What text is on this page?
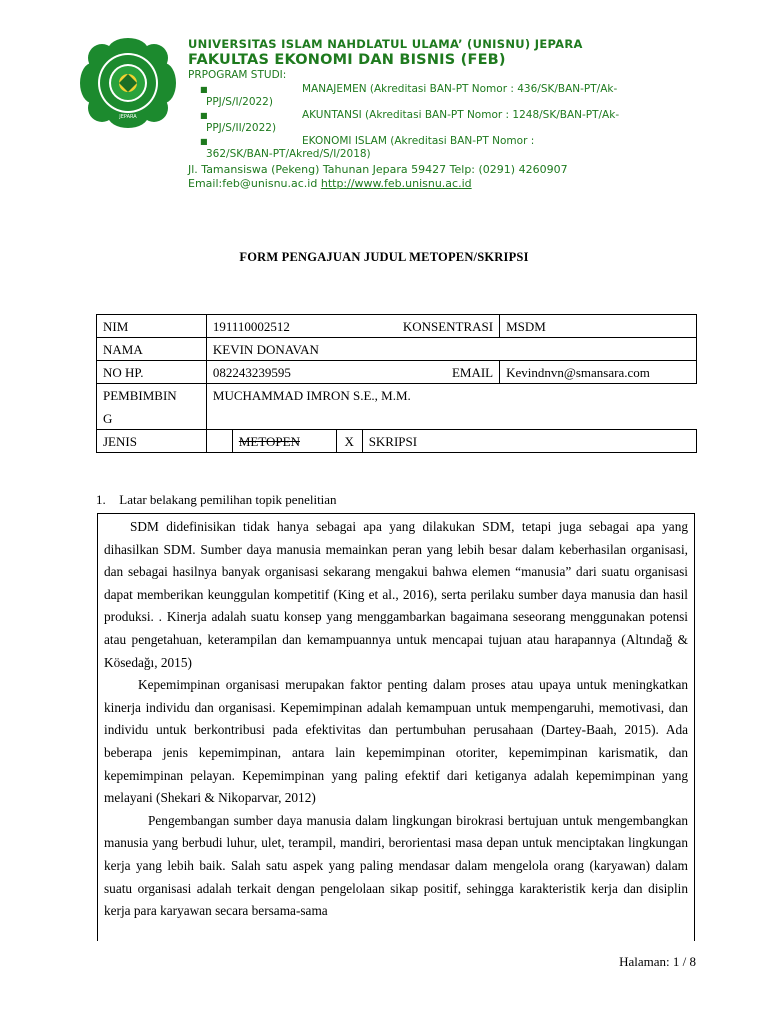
JEPARA
UNIVERSITAS ISLAM NAHDLATUL ULAMA’ (UNISNU) JEPARA
FAKULTAS EKONOMI DAN BISNIS (FEB)
PRPOGRAM STUDI:
■	MANAJEMEN (Akreditasi BAN-PT Nomor : 436/SK/BAN-PT/Ak-
PPJ/S/I/2022)
■	AKUNTANSI (Akreditasi BAN-PT Nomor : 1248/SK/BAN-PT/Ak-
PPJ/S/II/2022)
■	EKONOMI ISLAM (Akreditasi BAN-PT Nomor :
362/SK/BAN-PT/Akred/S/I/2018)
Jl. Tamansiswa (Pekeng) Tahunan Jepara 59427 Telp: (0291) 4260907
Email:feb@unisnu.ac.id http://www.feb.unisnu.ac.id
FORM PENGAJUAN JUDUL METOPEN/SKRIPSI
NIM	191110002512 KONSENTRASI				MSDM
NAMA	KEVIN DONAVAN				
NO HP.	082243239595 EMAIL				Kevindnvn@smansara.com

PEMBIMBIN
G	MUCHAMMAD IMRON S.E., M.M.				
JENIS		METOPEN	X	SKRIPSI	
1. Latar belakang pemilihan topik penelitian

SDM didefinisikan tidak hanya sebagai apa yang dilakukan SDM, tetapi juga sebagai apa yang dihasilkan SDM. Sumber daya manusia memainkan peran yang lebih besar dalam keberhasilan organisasi, dan sebagai hasilnya banyak organisasi sekarang mengakui bahwa elemen “manusia” dari suatu organisasi dapat memberikan keunggulan kompetitif (King et al., 2016), serta perilaku sumber daya manusia dan hasil produksi. . Kinerja adalah suatu konsep yang menggambarkan bagaimana seseorang menggunakan potensi atau pengetahuan, keterampilan dan kemampuannya untuk mencapai tujuan atau harapannya (Altındağ & Kösedağı, 2015)

Kepemimpinan organisasi merupakan faktor penting dalam proses atau upaya untuk meningkatkan kinerja individu dan organisasi. Kepemimpinan adalah kemampuan untuk mempengaruhi, memotivasi, dan individu untuk berkontribusi pada efektivitas dan pertumbuhan perusahaan (Dartey-Baah, 2015). Ada beberapa jenis kepemimpinan, antara lain kepemimpinan otoriter, kepemimpinan karismatik, dan kepemimpinan pelayan. Kepemimpinan yang paling efektif dari ketiganya adalah kepemimpinan yang melayani (Shekari & Nikoparvar, 2012)

Pengembangan sumber daya manusia dalam lingkungan birokrasi bertujuan untuk mengembangkan manusia yang berbudi luhur, ulet, terampil, mandiri, berorientasi masa depan untuk menciptakan lingkungan kerja yang lebih baik. Salah satu aspek yang paling mendasar dalam mengelola orang (karyawan) dalam suatu organisasi adalah terkait dengan pengelolaan sikap positif, sehingga karakteristik kerja dan disiplin kerja para karyawan secara bersama-sama

Halaman: 1 / 8
